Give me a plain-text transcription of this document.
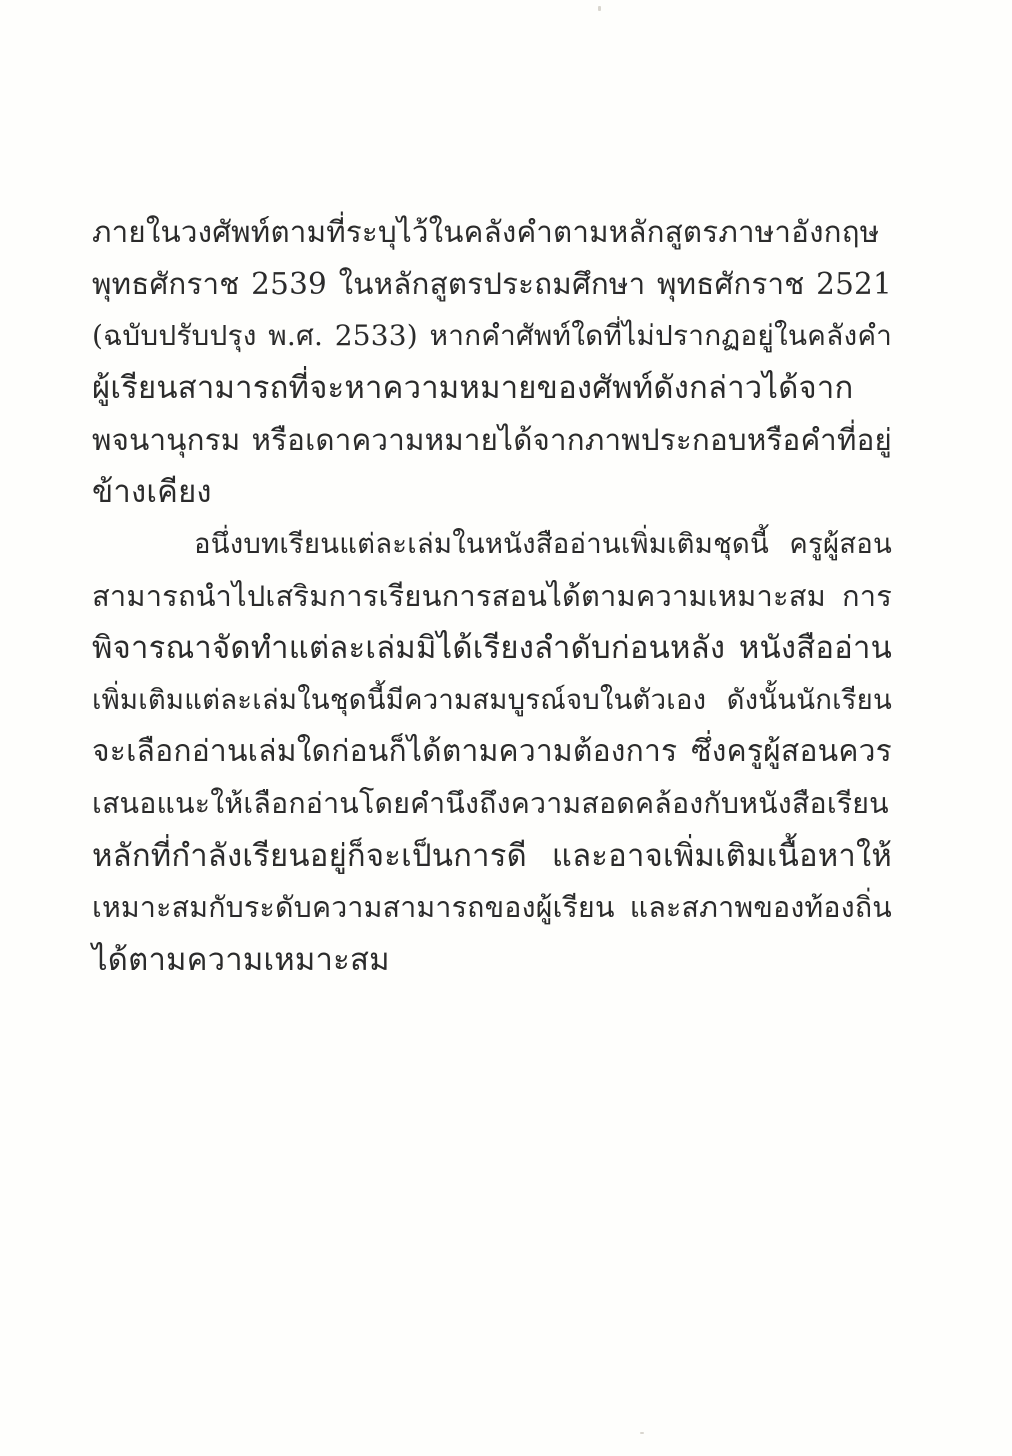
ภายในวงศัพท์ตามที่ระบุไว้ในคลังคำตามหลักสูตรภาษาอังกฤษ
พุทธศักราช 2539 ในหลักสูตรประถมศึกษา พุทธศักราช 2521
(ฉบับปรับปรุง พ.ศ. 2533) หากคำศัพท์ใดที่ไม่ปรากฏอยู่ในคลังคำ
ผู้เรียนสามารถที่จะหาความหมายของศัพท์ดังกล่าวได้จาก
พจนานุกรม หรือเดาความหมายได้จากภาพประกอบหรือคำที่อยู่
ข้างเคียง
อนึ่งบทเรียนแต่ละเล่มในหนังสืออ่านเพิ่มเติมชุดนี้ ครูผู้สอน
สามารถนำไปเสริมการเรียนการสอนได้ตามความเหมาะสม การ
พิจารณาจัดทำแต่ละเล่มมิได้เรียงลำดับก่อนหลัง หนังสืออ่าน
เพิ่มเติมแต่ละเล่มในชุดนี้มีความสมบูรณ์จบในตัวเอง ดังนั้นนักเรียน
จะเลือกอ่านเล่มใดก่อนก็ได้ตามความต้องการ ซึ่งครูผู้สอนควร
เสนอแนะให้เลือกอ่านโดยคำนึงถึงความสอดคล้องกับหนังสือเรียน
หลักที่กำลังเรียนอยู่ก็จะเป็นการดี และอาจเพิ่มเติมเนื้อหาให้
เหมาะสมกับระดับความสามารถของผู้เรียน และสภาพของท้องถิ่น
ได้ตามความเหมาะสม
